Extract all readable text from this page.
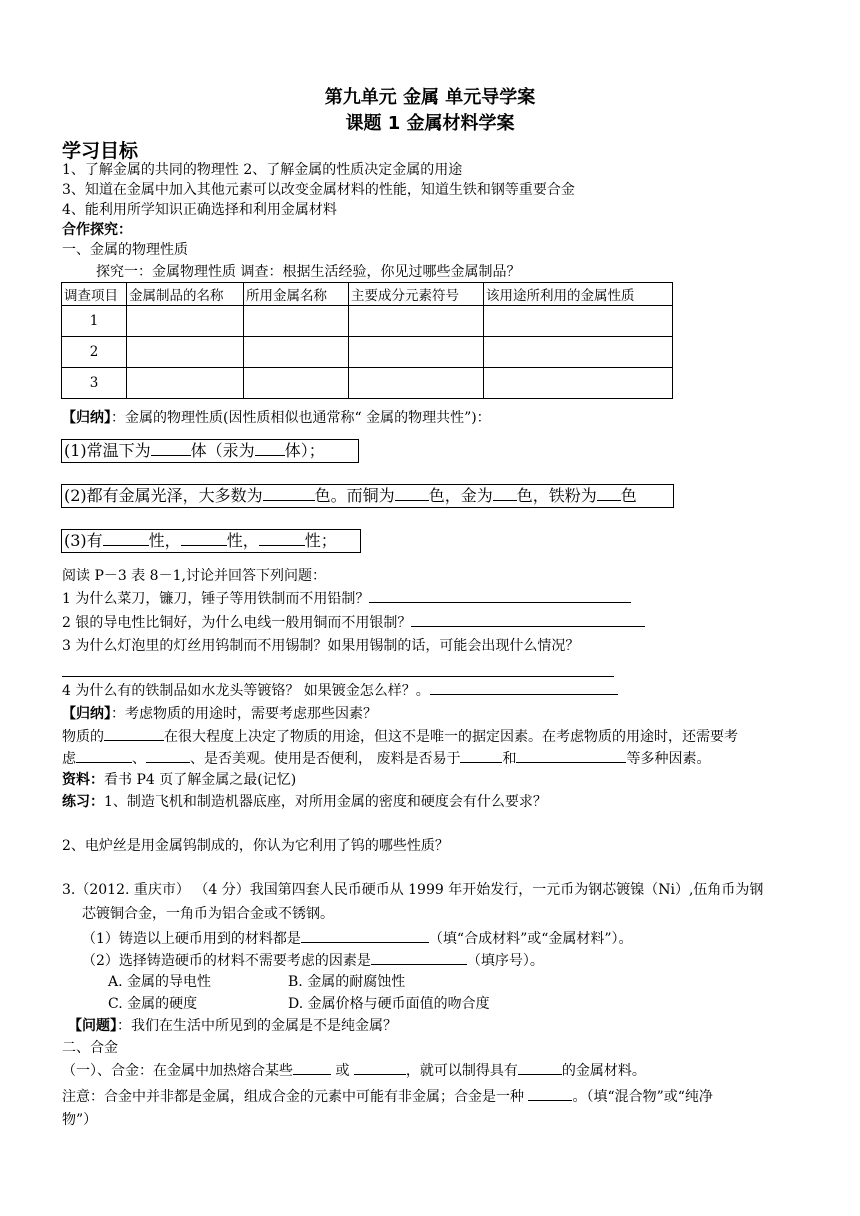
第九单元 金属 单元导学案
课题 1 金属材料学案
学习目标
1、了解金属的共同的物理性 2、了解金属的性质决定金属的用途
3、知道在金属中加入其他元素可以改变金属材料的性能，知道生铁和钢等重要合金
4、能利用所学知识正确选择和利用金属材料
合作探究：
一、金属的物理性质
探究一：金属物理性质 调查：根据生活经验，你见过哪些金属制品？
调查项目	金属制品的名称	所用金属名称	主要成分元素符号	该用途所利用的金属性质
1				
2				
3				
【归纳】：金属的物理性质(因性质相似也通常称“ 金属的物理共性”)：
(1)常温下为	体（汞为 体）；
(2)都有金属光泽，大多数为	色。而铜为 色，金为 色，铁粉为 色
(3)有	性，	性，	性；
阅读 P－3 表 8－1,讨论并回答下列问题：
1 为什么菜刀，镰刀，锤子等用铁制而不用铅制？
2 银的导电性比铜好，为什么电线一般用铜而不用银制？
3 为什么灯泡里的灯丝用钨制而不用锡制？如果用锡制的话，可能会出现什么情况？
4 为什么有的铁制品如水龙头等镀铬？ 如果镀金怎么样？。
【归纳】：考虑物质的用途时，需要考虑那些因素？
物质的	在很大程度上决定了物质的用途，但这不是唯一的据定因素。在考虑物质的用途时，还需要考
虑	、	、是否美观。使用是否便利， 废料是否易于	和	等多种因素。
资料：看书 P4 页了解金属之最(记忆)
练习：1、制造飞机和制造机器底座，对所用金属的密度和硬度会有什么要求？
2、电炉丝是用金属钨制成的，你认为它利用了钨的哪些性质？
3.（2012. 重庆市） （4 分）我国第四套人民币硬币从 1999 年开始发行，一元币为钢芯镀镍（Ni）,伍角币为钢
芯镀铜合金，一角币为铝合金或不锈钢。
（1）铸造以上硬币用到的材料都是	（填“合成材料”或“金属材料”）。
（2）选择铸造硬币的材料不需要考虑的因素是	（填序号）。
A. 金属的导电性	B. 金属的耐腐蚀性
C. 金属的硬度	D. 金属价格与硬币面值的吻合度
【问题】：我们在生活中所见到的金属是不是纯金属？
二、合金
（一）、合金：在金属中加热熔合某些	或	，就可以制得具有	的金属材料。
注意：合金中并非都是金属，组成合金的元素中可能有非金属；合金是一种	。（填“混合物”或“纯净
物”）
